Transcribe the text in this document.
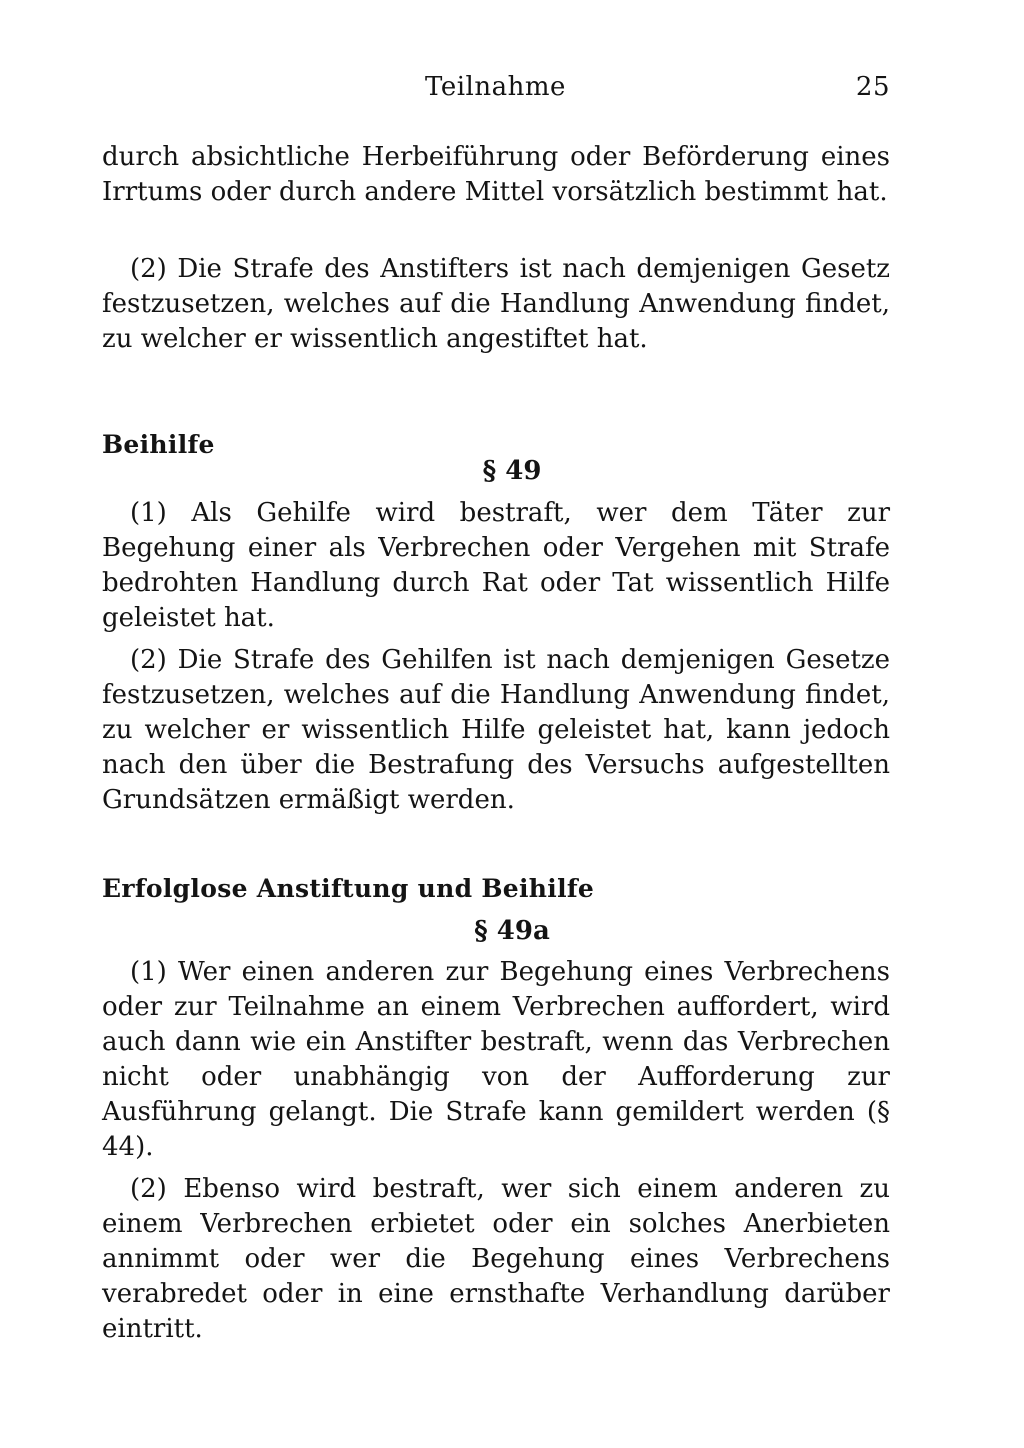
Teilnahme	25

durch absichtliche Herbeiführung oder Beförderung eines Irrtums oder durch andere Mittel vorsätzlich bestimmt hat.

(2) Die Strafe des Anstifters ist nach demjenigen Gesetz festzusetzen, welches auf die Handlung Anwendung findet, zu welcher er wissentlich angestiftet hat.

Beihilfe

§ 49

(1) Als Gehilfe wird bestraft, wer dem Täter zur Begehung einer als Verbrechen oder Vergehen mit Strafe bedrohten Handlung durch Rat oder Tat wissentlich Hilfe geleistet hat.

(2) Die Strafe des Gehilfen ist nach demjenigen Gesetze festzusetzen, welches auf die Handlung Anwendung findet, zu welcher er wissentlich Hilfe geleistet hat, kann jedoch nach den über die Bestrafung des Versuchs aufgestellten Grundsätzen ermäßigt werden.

Erfolglose Anstiftung und Beihilfe

§ 49a

(1) Wer einen anderen zur Begehung eines Verbrechens oder zur Teilnahme an einem Verbrechen auffordert, wird auch dann wie ein Anstifter bestraft, wenn das Verbrechen nicht oder unabhängig von der Aufforderung zur Ausführung gelangt. Die Strafe kann gemildert werden (§ 44).

(2) Ebenso wird bestraft, wer sich einem anderen zu einem Verbrechen erbietet oder ein solches Anerbieten annimmt oder wer die Begehung eines Verbrechens verabredet oder in eine ernsthafte Verhandlung darüber eintritt.
